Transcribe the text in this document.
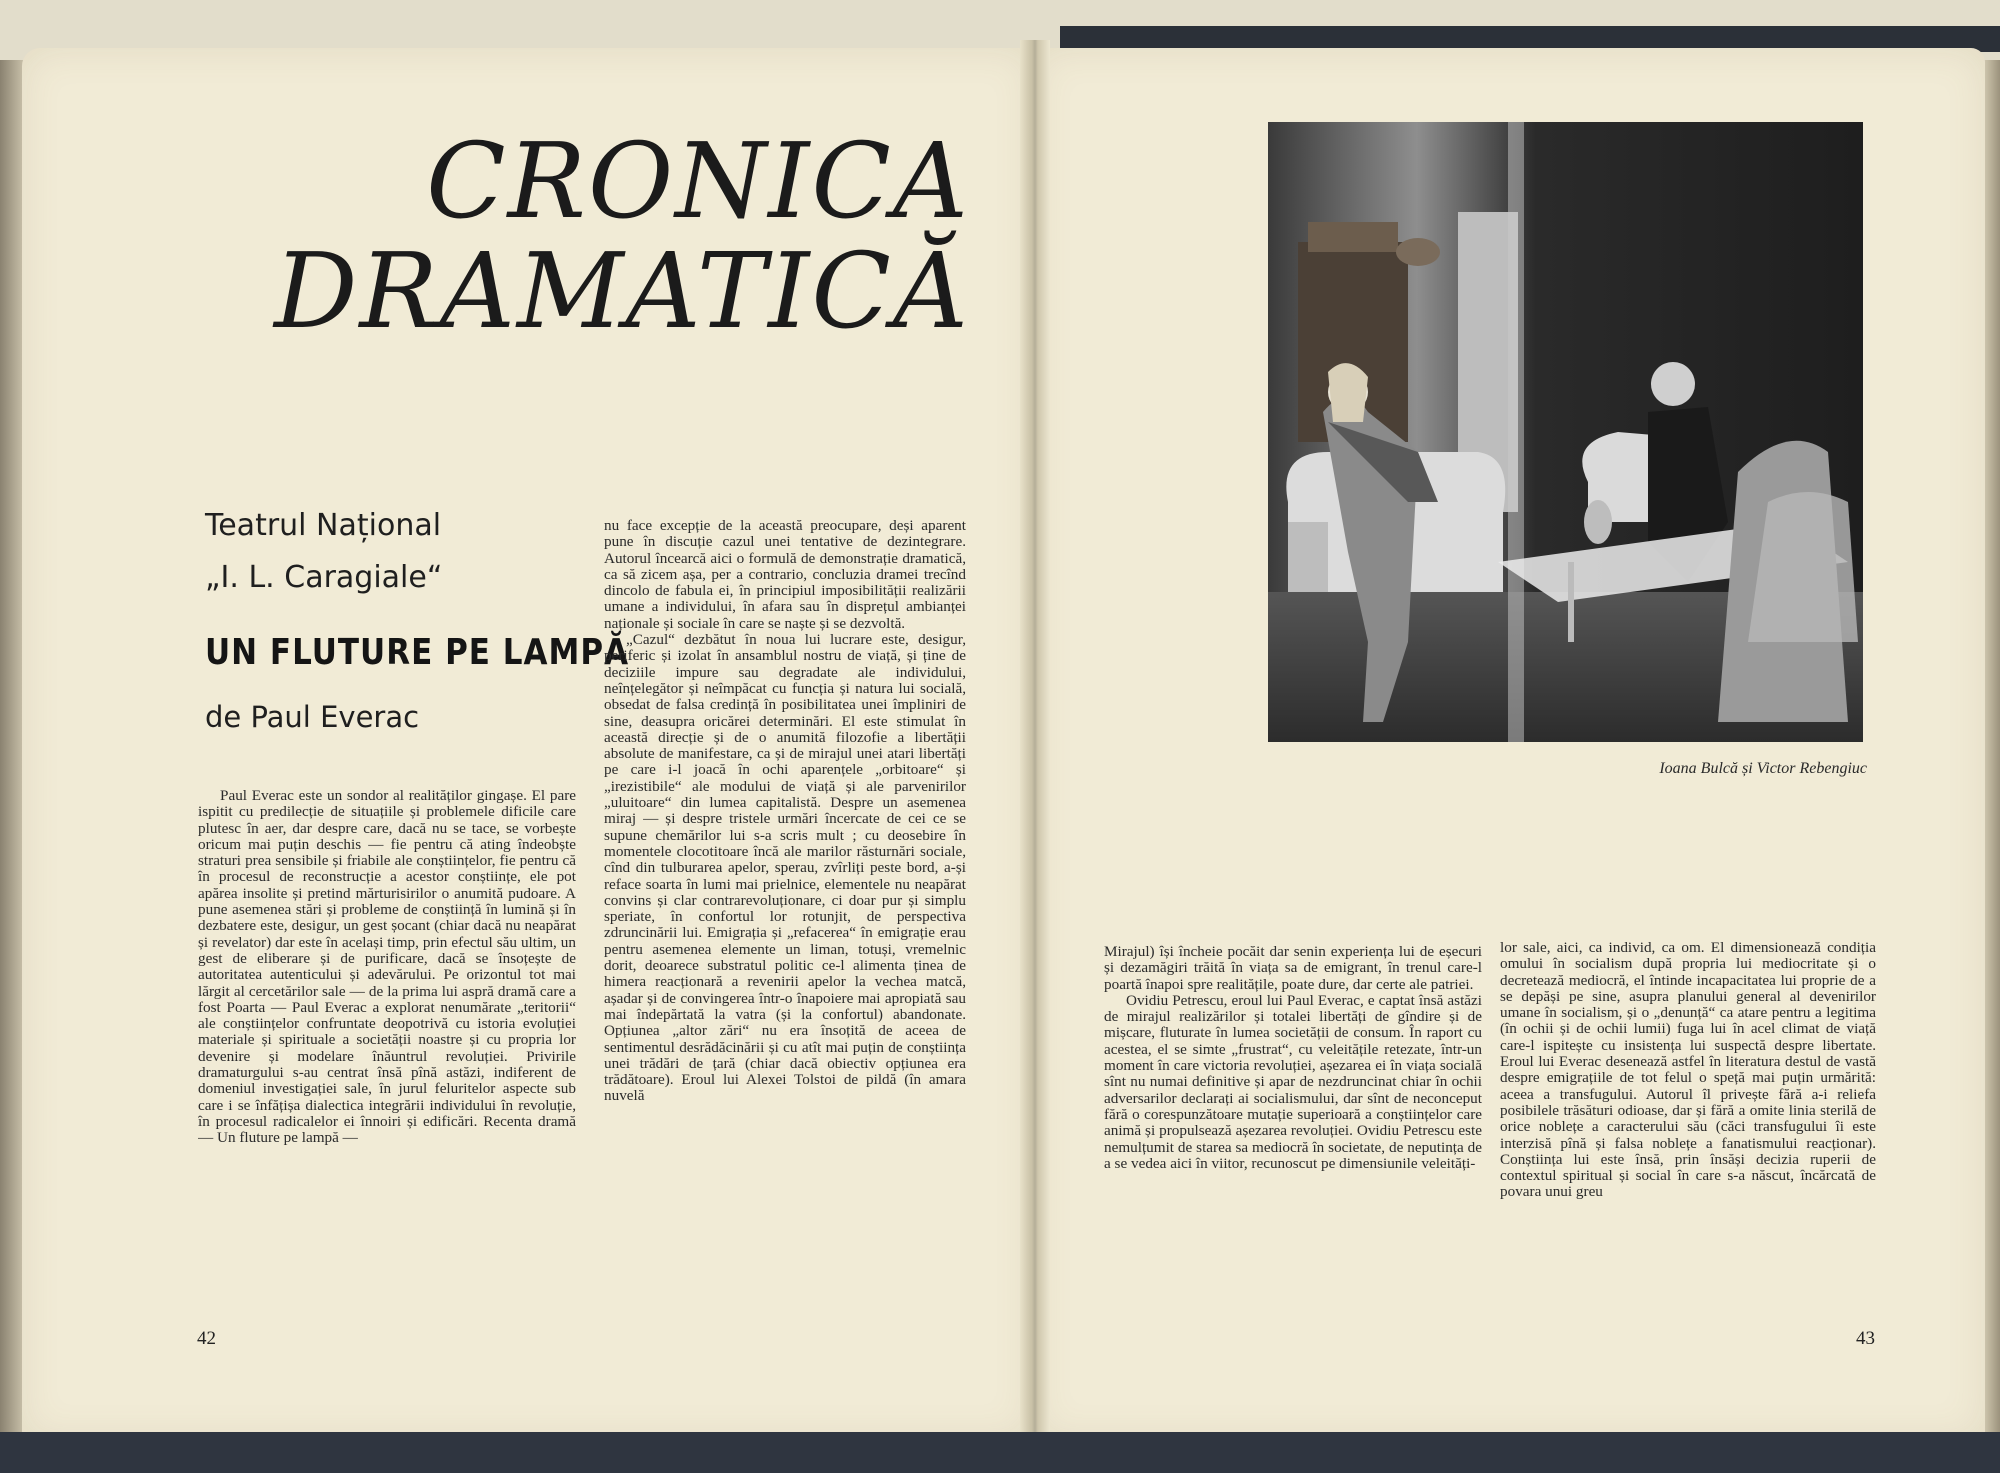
CRONICA
DRAMATICĂ
Teatrul Național
„I. L. Caragiale“
UN FLUTURE PE LAMPĂ
de Paul Everac

Paul Everac este un sondor al realităților gingașe. El pare ispitit cu predilecție de situațiile și problemele dificile care plutesc în aer, dar despre care, dacă nu se tace, se vorbește oricum mai puțin deschis — fie pentru că ating îndeobște straturi prea sensibile și friabile ale conștiințelor, fie pentru că în procesul de reconstrucție a acestor conștiințe, ele pot apărea insolite și pretind mărturisirilor o anumită pudoare. A pune asemenea stări și probleme de conștiință în lumină și în dezbatere este, desigur, un gest șocant (chiar dacă nu neapărat și revelator) dar este în același timp, prin efectul său ultim, un gest de eliberare și de purificare, dacă se însoțește de autoritatea autenticului și adevărului. Pe orizontul tot mai lărgit al cercetărilor sale — de la prima lui aspră dramă care a fost Poarta — Paul Everac a explorat nenumărate „teritorii“ ale conștiințelor confruntate deopotrivă cu istoria evoluției materiale și spirituale a societății noastre și cu propria lor devenire și modelare înăuntrul revoluției. Privirile dramaturgului s-au centrat însă pînă astăzi, indiferent de domeniul investigației sale, în jurul feluritelor aspecte sub care i se înfățișa dialectica integrării individului în revoluție, în procesul radicalelor ei înnoiri și edificări. Recenta dramă — Un fluture pe lampă —

nu face excepție de la această preocupare, deși aparent pune în discuție cazul unei tentative de dezintegrare. Autorul încearcă aici o formulă de demonstrație dramatică, ca să zicem așa, per a contrario, concluzia dramei trecînd dincolo de fabula ei, în principiul imposibilității realizării umane a individului, în afara sau în disprețul ambianței naționale și sociale în care se naște și se dezvoltă.

„Cazul“ dezbătut în noua lui lucrare este, desigur, periferic și izolat în ansamblul nostru de viață, și ține de deciziile impure sau degradate ale individului, neînțelegător și neîmpăcat cu funcția și natura lui socială, obsedat de falsa credință în posibilitatea unei împliniri de sine, deasupra oricărei determinări. El este stimulat în această direcție și de o anumită filozofie a libertății absolute de manifestare, ca și de mirajul unei atari libertăți pe care i-l joacă în ochi aparențele „orbitoare“ și „irezistibile“ ale modului de viață și ale parvenirilor „uluitoare“ din lumea capitalistă. Despre un asemenea miraj — și despre tristele urmări încercate de cei ce se supune chemărilor lui s-a scris mult ; cu deosebire în momentele clocotitoare încă ale marilor răsturnări sociale, cînd din tulburarea apelor, sperau, zvîrliți peste bord, a-și reface soarta în lumi mai prielnice, elementele nu neapărat convins și clar contrarevoluționare, ci doar pur și simplu speriate, în confortul lor rotunjit, de perspectiva zdruncinării lui. Emigrația și „refacerea“ în emigrație erau pentru asemenea elemente un liman, totuși, vremelnic dorit, deoarece substratul politic ce-l alimenta ținea de himera reacționară a revenirii apelor la vechea matcă, așadar și de convingerea într-o înapoiere mai apropiată sau mai îndepărtată la vatra (și la confortul) abandonate. Opțiunea „altor zări“ nu era însoțită de aceea de sentimentul desrădăcinării și cu atît mai puțin de conștiința unei trădări de țară (chiar dacă obiectiv opțiunea era trădătoare). Eroul lui Alexei Tolstoi de pildă (în amara nuvelă

42
Ioana Bulcă și Victor Rebengiuc

Mirajul) își încheie pocăit dar senin experiența lui de eșecuri și dezamăgiri trăită în viața sa de emigrant, în trenul care-l poartă înapoi spre realitățile, poate dure, dar certe ale patriei.

Ovidiu Petrescu, eroul lui Paul Everac, e captat însă astăzi de mirajul realizărilor și totalei libertăți de gîndire și de mișcare, fluturate în lumea societății de consum. În raport cu acestea, el se simte „frustrat“, cu veleitățile retezate, într-un moment în care victoria revoluției, așezarea ei în viața socială sînt nu numai definitive și apar de nezdruncinat chiar în ochii adversarilor declarați ai socialismului, dar sînt de neconceput fără o corespunzătoare mutație superioară a conștiințelor care animă și propulsează așezarea revoluției. Ovidiu Petrescu este nemulțumit de starea sa mediocră în societate, de neputința de a se vedea aici în viitor, recunoscut pe dimensiunile veleități-

lor sale, aici, ca individ, ca om. El dimensionează condiția omului în socialism după propria lui mediocritate și o decretează mediocră, el întinde incapacitatea lui proprie de a se depăși pe sine, asupra planului general al devenirilor umane în socialism, și o „denunță“ ca atare pentru a legitima (în ochii și de ochii lumii) fuga lui în acel climat de viață care-l ispitește cu insistența lui suspectă despre libertate. Eroul lui Everac desenează astfel în literatura destul de vastă despre emigrațiile de tot felul o speță mai puțin urmărită: aceea a transfugului. Autorul îl privește fără a-i reliefa posibilele trăsături odioase, dar și fără a omite linia sterilă de orice noblețe a caracterului său (căci transfugului îi este interzisă pînă și falsa noblețe a fanatismului reacționar). Conștiința lui este însă, prin însăși decizia ruperii de contextul spiritual și social în care s-a născut, încărcată de povara unui greu

43
